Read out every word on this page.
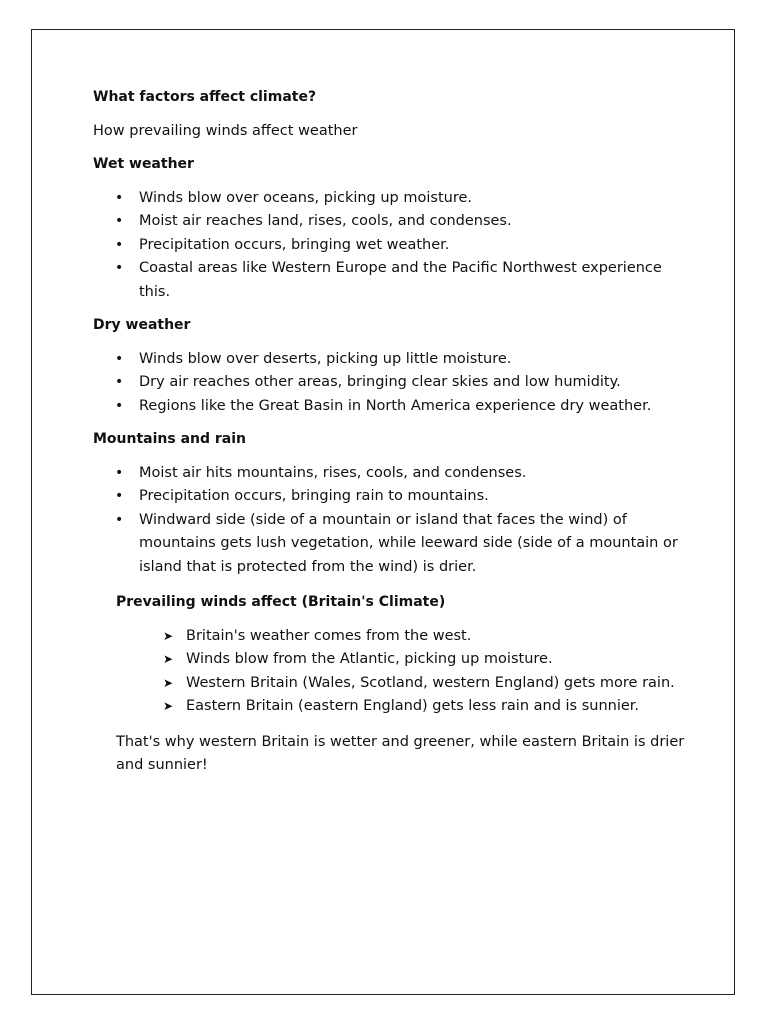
What factors affect climate?

How prevailing winds affect weather

Wet weather

• Winds blow over oceans, picking up moisture.
• Moist air reaches land, rises, cools, and condenses.
• Precipitation occurs, bringing wet weather.
• Coastal areas like Western Europe and the Pacific Northwest experience this.

Dry weather

• Winds blow over deserts, picking up little moisture.
• Dry air reaches other areas, bringing clear skies and low humidity.
• Regions like the Great Basin in North America experience dry weather.

Mountains and rain

• Moist air hits mountains, rises, cools, and condenses.
• Precipitation occurs, bringing rain to mountains.
• Windward side (side of a mountain or island that faces the wind) of mountains gets lush vegetation, while leeward side (side of a mountain or island that is protected from the wind) is drier.

Prevailing winds affect (Britain's Climate)

➤ Britain's weather comes from the west.
➤ Winds blow from the Atlantic, picking up moisture.
➤ Western Britain (Wales, Scotland, western England) gets more rain.
➤ Eastern Britain (eastern England) gets less rain and is sunnier.

That's why western Britain is wetter and greener, while eastern Britain is drier and sunnier!
